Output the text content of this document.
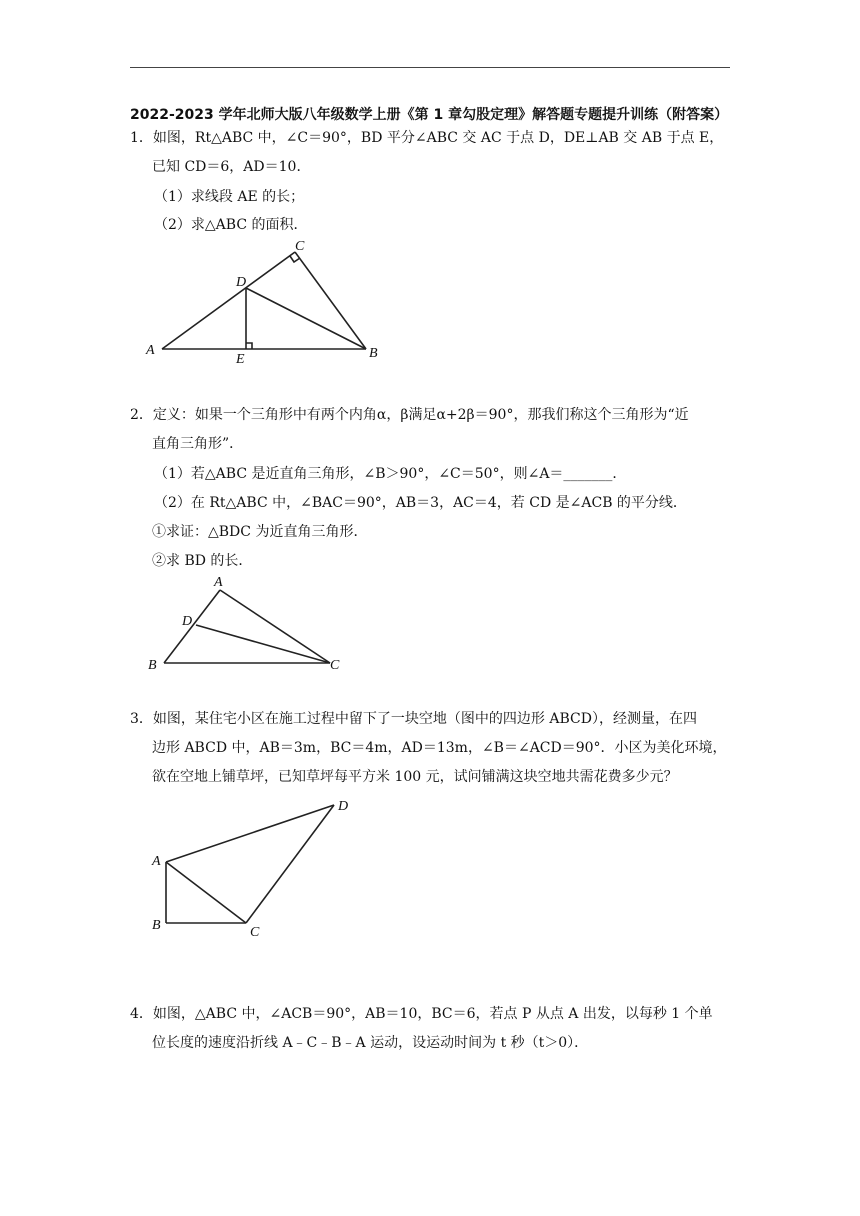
2022-2023 学年北师大版八年级数学上册《第 1 章勾股定理》解答题专题提升训练（附答案）
1．如图，Rt△ABC 中，∠C＝90°，BD 平分∠ABC 交 AC 于点 D，DE⊥AB 交 AB 于点 E，
已知 CD＝6，AD＝10．
（1）求线段 AE 的长；
（2）求△ABC 的面积．
A	B
C
D
E
2．定义：如果一个三角形中有两个内角α，β满足α+2β＝90°，那我们称这个三角形为“近
直角三角形”．
（1）若△ABC 是近直角三角形，∠B＞90°，∠C＝50°，则∠A＝_______．
（2）在 Rt△ABC 中，∠BAC＝90°，AB＝3，AC＝4，若 CD 是∠ACB 的平分线．
①求证：△BDC 为近直角三角形．
②求 BD 的长．
A
B	C
D
3．如图，某住宅小区在施工过程中留下了一块空地（图中的四边形 ABCD），经测量，在四
边形 ABCD 中，AB＝3m，BC＝4m，AD＝13m，∠B＝∠ACD＝90°．小区为美化环境，
欲在空地上铺草坪，已知草坪每平方米 100 元，试问铺满这块空地共需花费多少元？
A
B	C
D
4．如图，△ABC 中，∠ACB＝90°，AB＝10，BC＝6，若点 P 从点 A 出发，以每秒 1 个单
位长度的速度沿折线 A﹣C﹣B﹣A 运动，设运动时间为 t 秒（t＞0）．
